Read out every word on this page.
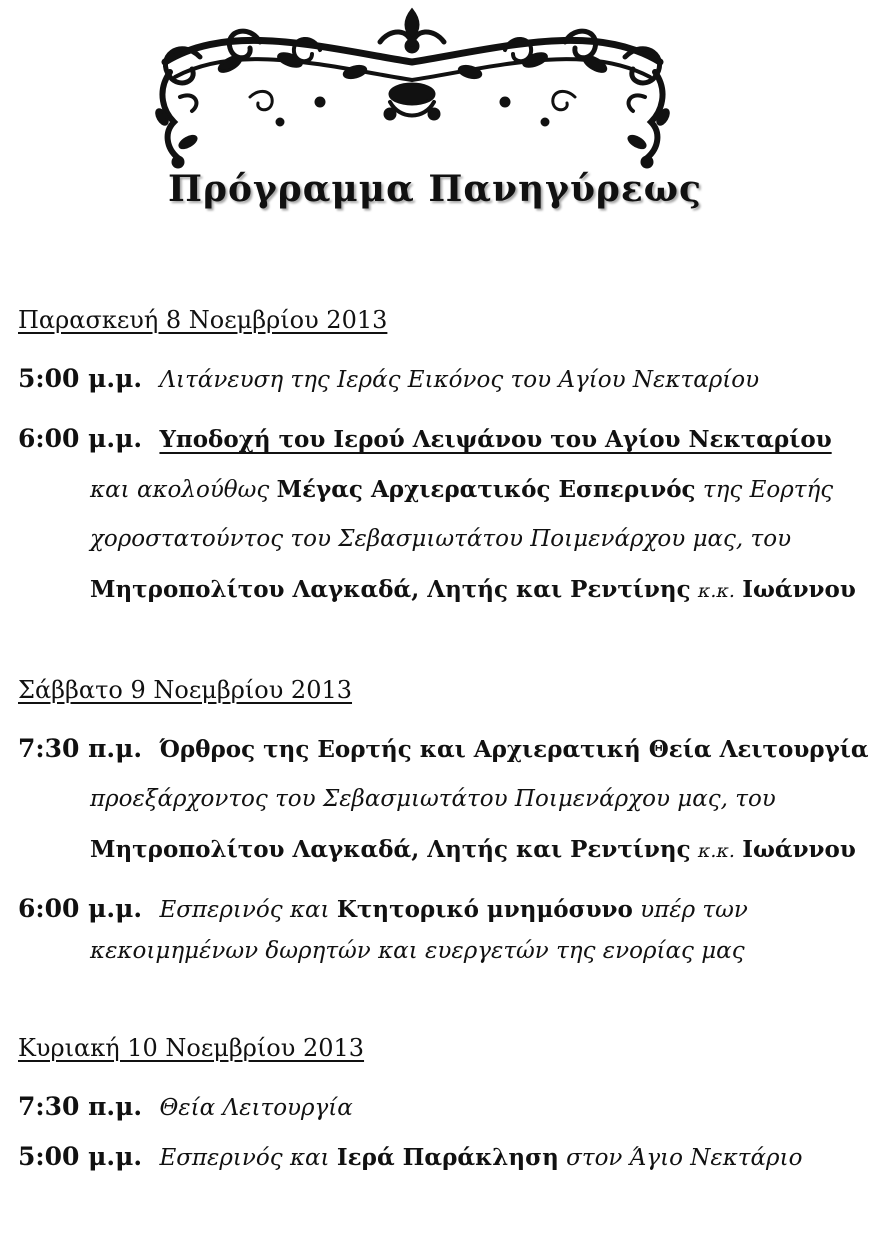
Πρόγραμμα Πανηγύρεως
Παρασκευή 8 Νοεμβρίου 2013
5:00 μ.μ. Λιτάνευση της Ιεράς Εικόνος του Αγίου Νεκταρίου
6:00 μ.μ. Υποδοχή του Ιερού Λειψάνου του Αγίου Νεκταρίου
και ακολούθως Μέγας Αρχιερατικός Εσπερινός της Εορτής
χοροστατούντος του Σεβασμιωτάτου Ποιμενάρχου μας, του
Μητροπολίτου Λαγκαδά, Λητής και Ρεντίνης κ.κ. Ιωάννου
Σάββατο 9 Νοεμβρίου 2013
7:30 π.μ. Όρθρος της Εορτής και Αρχιερατική Θεία Λειτουργία
προεξάρχοντος του Σεβασμιωτάτου Ποιμενάρχου μας, του
Μητροπολίτου Λαγκαδά, Λητής και Ρεντίνης κ.κ. Ιωάννου
6:00 μ.μ. Εσπερινός και Κτητορικό μνημόσυνο υπέρ των
κεκοιμημένων δωρητών και ευεργετών της ενορίας μας
Κυριακή 10 Νοεμβρίου 2013
7:30 π.μ. Θεία Λειτουργία
5:00 μ.μ. Εσπερινός και Ιερά Παράκληση στον Άγιο Νεκτάριο
